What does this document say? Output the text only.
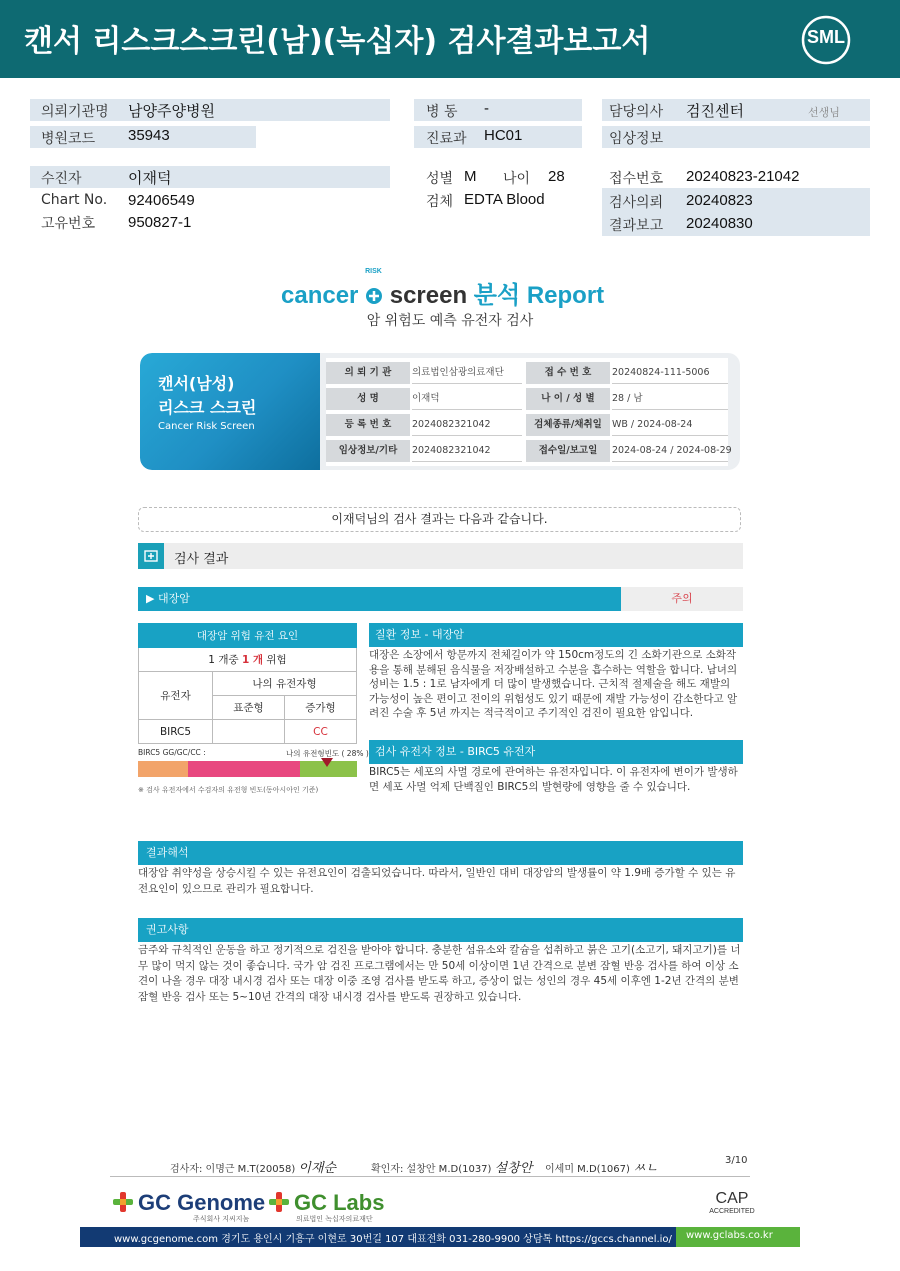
캔서 리스크스크린(남)(녹십자) 검사결과보고서	SML
의뢰기관명 남양주양병원
병원코드 35943
병 동 -
진료과 HC01
담당의사 검진센터	선생님
임상정보
수진자	이재덕
Chart No. 92406549
고유번호 950827-1
성별 M 나이 28
검체 EDTA Blood
접수번호 20240823-21042
검사의뢰 20240823
결과보고 20240830
cancer
RISK
screen 분석 Report
암 위험도 예측 유전자 검사
캔서(남성)
리스크 스크린
Cancer Risk Screen
의 뢰 기 관	의료법인삼광의료재단	접 수 번 호	20240824-111-5006
성 명	이재덕	나 이 / 성 별	28 / 남
등 록 번 호	2024082321042	검체종류/채취일	WB / 2024-08-24
임상정보/기타	2024082321042	접수일/보고일	2024-08-24 / 2024-08-29
이재덕님의 검사 결과는 다음과 같습니다.
검사 결과
▶ 대장암	주의
대장암 위험 유전 요인		
1 개중 1 개 위험		
유전자	나의 유전자형	
	표준형	증가형
BIRC5		CC
BIRC5 GG/GC/CC :	나의 유전형빈도 ( 28% )
※ 검사 유전자에서 수검자의 유전형 빈도(동아시아인 기준)
질환 정보 - 대장암
대장은 소장에서 항문까지 전체길이가 약 150cm정도의 긴 소화기관으로 소화작용을 통해 분해된 음식물을 저장배설하고 수분을 흡수하는 역할을 합니다. 남녀의 성비는 1.5 : 1로 남자에게 더 많이 발생했습니다. 근치적 절제술을 해도 재발의 가능성이 높은 편이고 전이의 위험성도 있기 때문에 재발 가능성이 감소한다고 알려진 수술 후 5년 까지는 적극적이고 주기적인 검진이 필요한 암입니다.
검사 유전자 정보 - BIRC5 유전자
BIRC5는 세포의 사멸 경로에 관여하는 유전자입니다. 이 유전자에 변이가 발생하면 세포 사멸 억제 단백질인 BIRC5의 발현량에 영향을 줄 수 있습니다.
결과해석
대장암 취약성을 상승시킬 수 있는 유전요인이 검출되었습니다. 따라서, 일반인 대비 대장암의 발생률이 약 1.9배 증가할 수 있는 유전요인이 있으므로 관리가 필요합니다.
권고사항
금주와 규칙적인 운동을 하고 정기적으로 검진을 받아야 합니다. 충분한 섬유소와 칼슘을 섭취하고 붉은 고기(소고기, 돼지고기)를 너무 많이 먹지 않는 것이 좋습니다. 국가 암 검진 프로그램에서는 만 50세 이상이면 1년 간격으로 분변 잠혈 반응 검사를 하여 이상 소견이 나올 경우 대장 내시경 검사 또는 대장 이중 조영 검사를 받도록 하고, 증상이 없는 성인의 경우 45세 이후엔 1-2년 간격의 분변 잠혈 반응 검사 또는 5~10년 간격의 대장 내시경 검사를 받도록 권장하고 있습니다.
검사자: 이명근 M.T(20058) 이재순	확인자: 설창안 M.D(1037) 설창안 이세미 M.D(1067) ㅆㄴ
3/10
GC Genome
주식회사 지씨지놈
GC Labs
의료법인 녹십자의료재단
CAP
ACCREDITED
www.gcgenome.com 경기도 용인시 기흥구 이현로 30번길 107 대표전화 031-280-9900 상담톡 https://gccs.channel.io/ www.gclabs.co.kr
